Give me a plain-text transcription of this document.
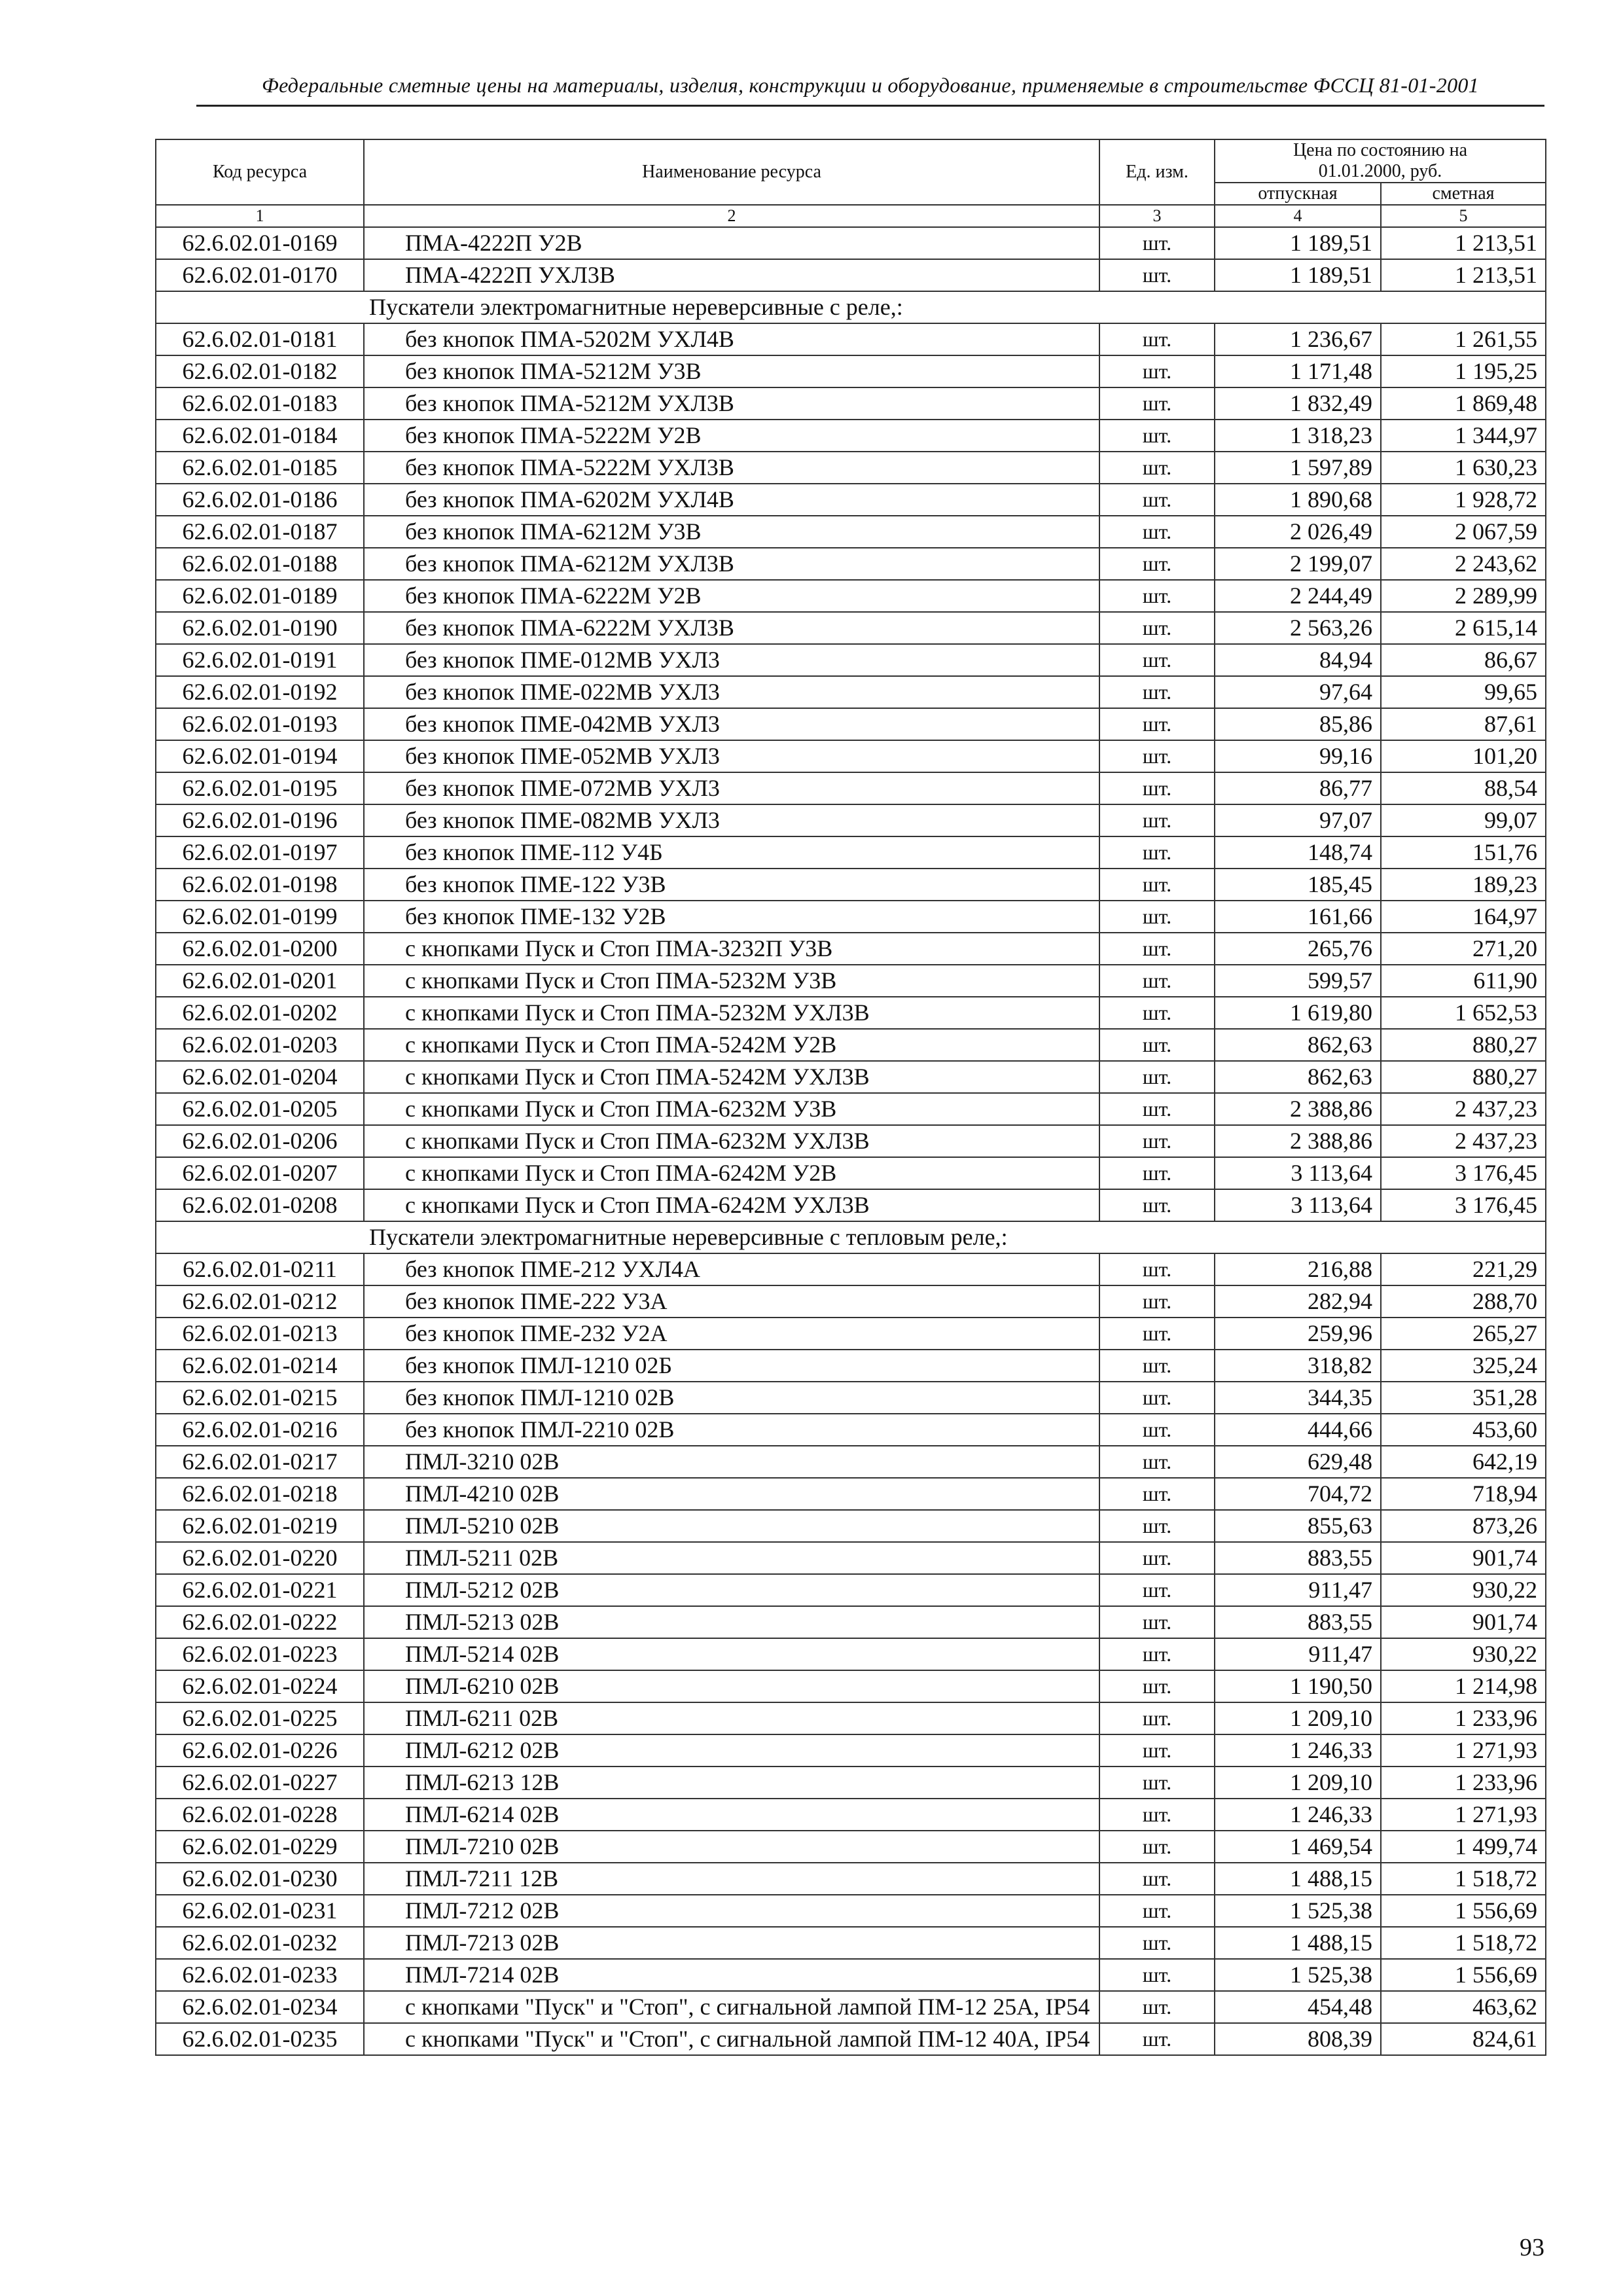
Федеральные сметные цены на материалы, изделия, конструкции и оборудование, применяемые в строительстве ФССЦ 81-01-2001
Код ресурса	Наименование ресурса	Ед. изм.	Цена по состоянию на
01.01.2000, руб.	

			отпускная	сметная
1	2	3	4	5
62.6.02.01-0169	ПМА-4222П У2В	шт.	1 189,51	1 213,51
62.6.02.01-0170	ПМА-4222П УХЛ3В	шт.	1 189,51	1 213,51
Пускатели электромагнитные нереверсивные с реле,:				
62.6.02.01-0181	без кнопок ПМА-5202М УХЛ4В	шт.	1 236,67	1 261,55
62.6.02.01-0182	без кнопок ПМА-5212М У3В	шт.	1 171,48	1 195,25
62.6.02.01-0183	без кнопок ПМА-5212М УХЛ3В	шт.	1 832,49	1 869,48
62.6.02.01-0184	без кнопок ПМА-5222М У2В	шт.	1 318,23	1 344,97
62.6.02.01-0185	без кнопок ПМА-5222М УХЛ3В	шт.	1 597,89	1 630,23
62.6.02.01-0186	без кнопок ПМА-6202М УХЛ4В	шт.	1 890,68	1 928,72
62.6.02.01-0187	без кнопок ПМА-6212М У3В	шт.	2 026,49	2 067,59
62.6.02.01-0188	без кнопок ПМА-6212М УХЛ3В	шт.	2 199,07	2 243,62
62.6.02.01-0189	без кнопок ПМА-6222М У2В	шт.	2 244,49	2 289,99
62.6.02.01-0190	без кнопок ПМА-6222М УХЛ3В	шт.	2 563,26	2 615,14
62.6.02.01-0191	без кнопок ПМЕ-012МВ УХЛ3	шт.	84,94	86,67
62.6.02.01-0192	без кнопок ПМЕ-022МВ УХЛ3	шт.	97,64	99,65
62.6.02.01-0193	без кнопок ПМЕ-042МВ УХЛ3	шт.	85,86	87,61
62.6.02.01-0194	без кнопок ПМЕ-052МВ УХЛ3	шт.	99,16	101,20
62.6.02.01-0195	без кнопок ПМЕ-072МВ УХЛ3	шт.	86,77	88,54
62.6.02.01-0196	без кнопок ПМЕ-082МВ УХЛ3	шт.	97,07	99,07
62.6.02.01-0197	без кнопок ПМЕ-112 У4Б	шт.	148,74	151,76
62.6.02.01-0198	без кнопок ПМЕ-122 У3В	шт.	185,45	189,23
62.6.02.01-0199	без кнопок ПМЕ-132 У2В	шт.	161,66	164,97
62.6.02.01-0200	с кнопками Пуск и Стоп ПМА-3232П У3В	шт.	265,76	271,20
62.6.02.01-0201	с кнопками Пуск и Стоп ПМА-5232М У3В	шт.	599,57	611,90
62.6.02.01-0202	с кнопками Пуск и Стоп ПМА-5232М УХЛ3В	шт.	1 619,80	1 652,53
62.6.02.01-0203	с кнопками Пуск и Стоп ПМА-5242М У2В	шт.	862,63	880,27
62.6.02.01-0204	с кнопками Пуск и Стоп ПМА-5242М УХЛ3В	шт.	862,63	880,27
62.6.02.01-0205	с кнопками Пуск и Стоп ПМА-6232М У3В	шт.	2 388,86	2 437,23
62.6.02.01-0206	с кнопками Пуск и Стоп ПМА-6232М УХЛ3В	шт.	2 388,86	2 437,23
62.6.02.01-0207	с кнопками Пуск и Стоп ПМА-6242М У2В	шт.	3 113,64	3 176,45
62.6.02.01-0208	с кнопками Пуск и Стоп ПМА-6242М УХЛ3В	шт.	3 113,64	3 176,45
Пускатели электромагнитные нереверсивные с тепловым реле,:				
62.6.02.01-0211	без кнопок ПМЕ-212 УХЛ4А	шт.	216,88	221,29
62.6.02.01-0212	без кнопок ПМЕ-222 У3А	шт.	282,94	288,70
62.6.02.01-0213	без кнопок ПМЕ-232 У2А	шт.	259,96	265,27
62.6.02.01-0214	без кнопок ПМЛ-1210 02Б	шт.	318,82	325,24
62.6.02.01-0215	без кнопок ПМЛ-1210 02В	шт.	344,35	351,28
62.6.02.01-0216	без кнопок ПМЛ-2210 02В	шт.	444,66	453,60
62.6.02.01-0217	ПМЛ-3210 02В	шт.	629,48	642,19
62.6.02.01-0218	ПМЛ-4210 02В	шт.	704,72	718,94
62.6.02.01-0219	ПМЛ-5210 02В	шт.	855,63	873,26
62.6.02.01-0220	ПМЛ-5211 02В	шт.	883,55	901,74
62.6.02.01-0221	ПМЛ-5212 02В	шт.	911,47	930,22
62.6.02.01-0222	ПМЛ-5213 02В	шт.	883,55	901,74
62.6.02.01-0223	ПМЛ-5214 02В	шт.	911,47	930,22
62.6.02.01-0224	ПМЛ-6210 02В	шт.	1 190,50	1 214,98
62.6.02.01-0225	ПМЛ-6211 02В	шт.	1 209,10	1 233,96
62.6.02.01-0226	ПМЛ-6212 02В	шт.	1 246,33	1 271,93
62.6.02.01-0227	ПМЛ-6213 12В	шт.	1 209,10	1 233,96
62.6.02.01-0228	ПМЛ-6214 02В	шт.	1 246,33	1 271,93
62.6.02.01-0229	ПМЛ-7210 02В	шт.	1 469,54	1 499,74
62.6.02.01-0230	ПМЛ-7211 12В	шт.	1 488,15	1 518,72
62.6.02.01-0231	ПМЛ-7212 02В	шт.	1 525,38	1 556,69
62.6.02.01-0232	ПМЛ-7213 02В	шт.	1 488,15	1 518,72
62.6.02.01-0233	ПМЛ-7214 02В	шт.	1 525,38	1 556,69
62.6.02.01-0234	с кнопками "Пуск" и "Стоп", с сигнальной лампой ПМ-12 25А, IP54	шт.	454,48	463,62
62.6.02.01-0235	с кнопками "Пуск" и "Стоп", с сигнальной лампой ПМ-12 40А, IP54	шт.	808,39	824,61
93
